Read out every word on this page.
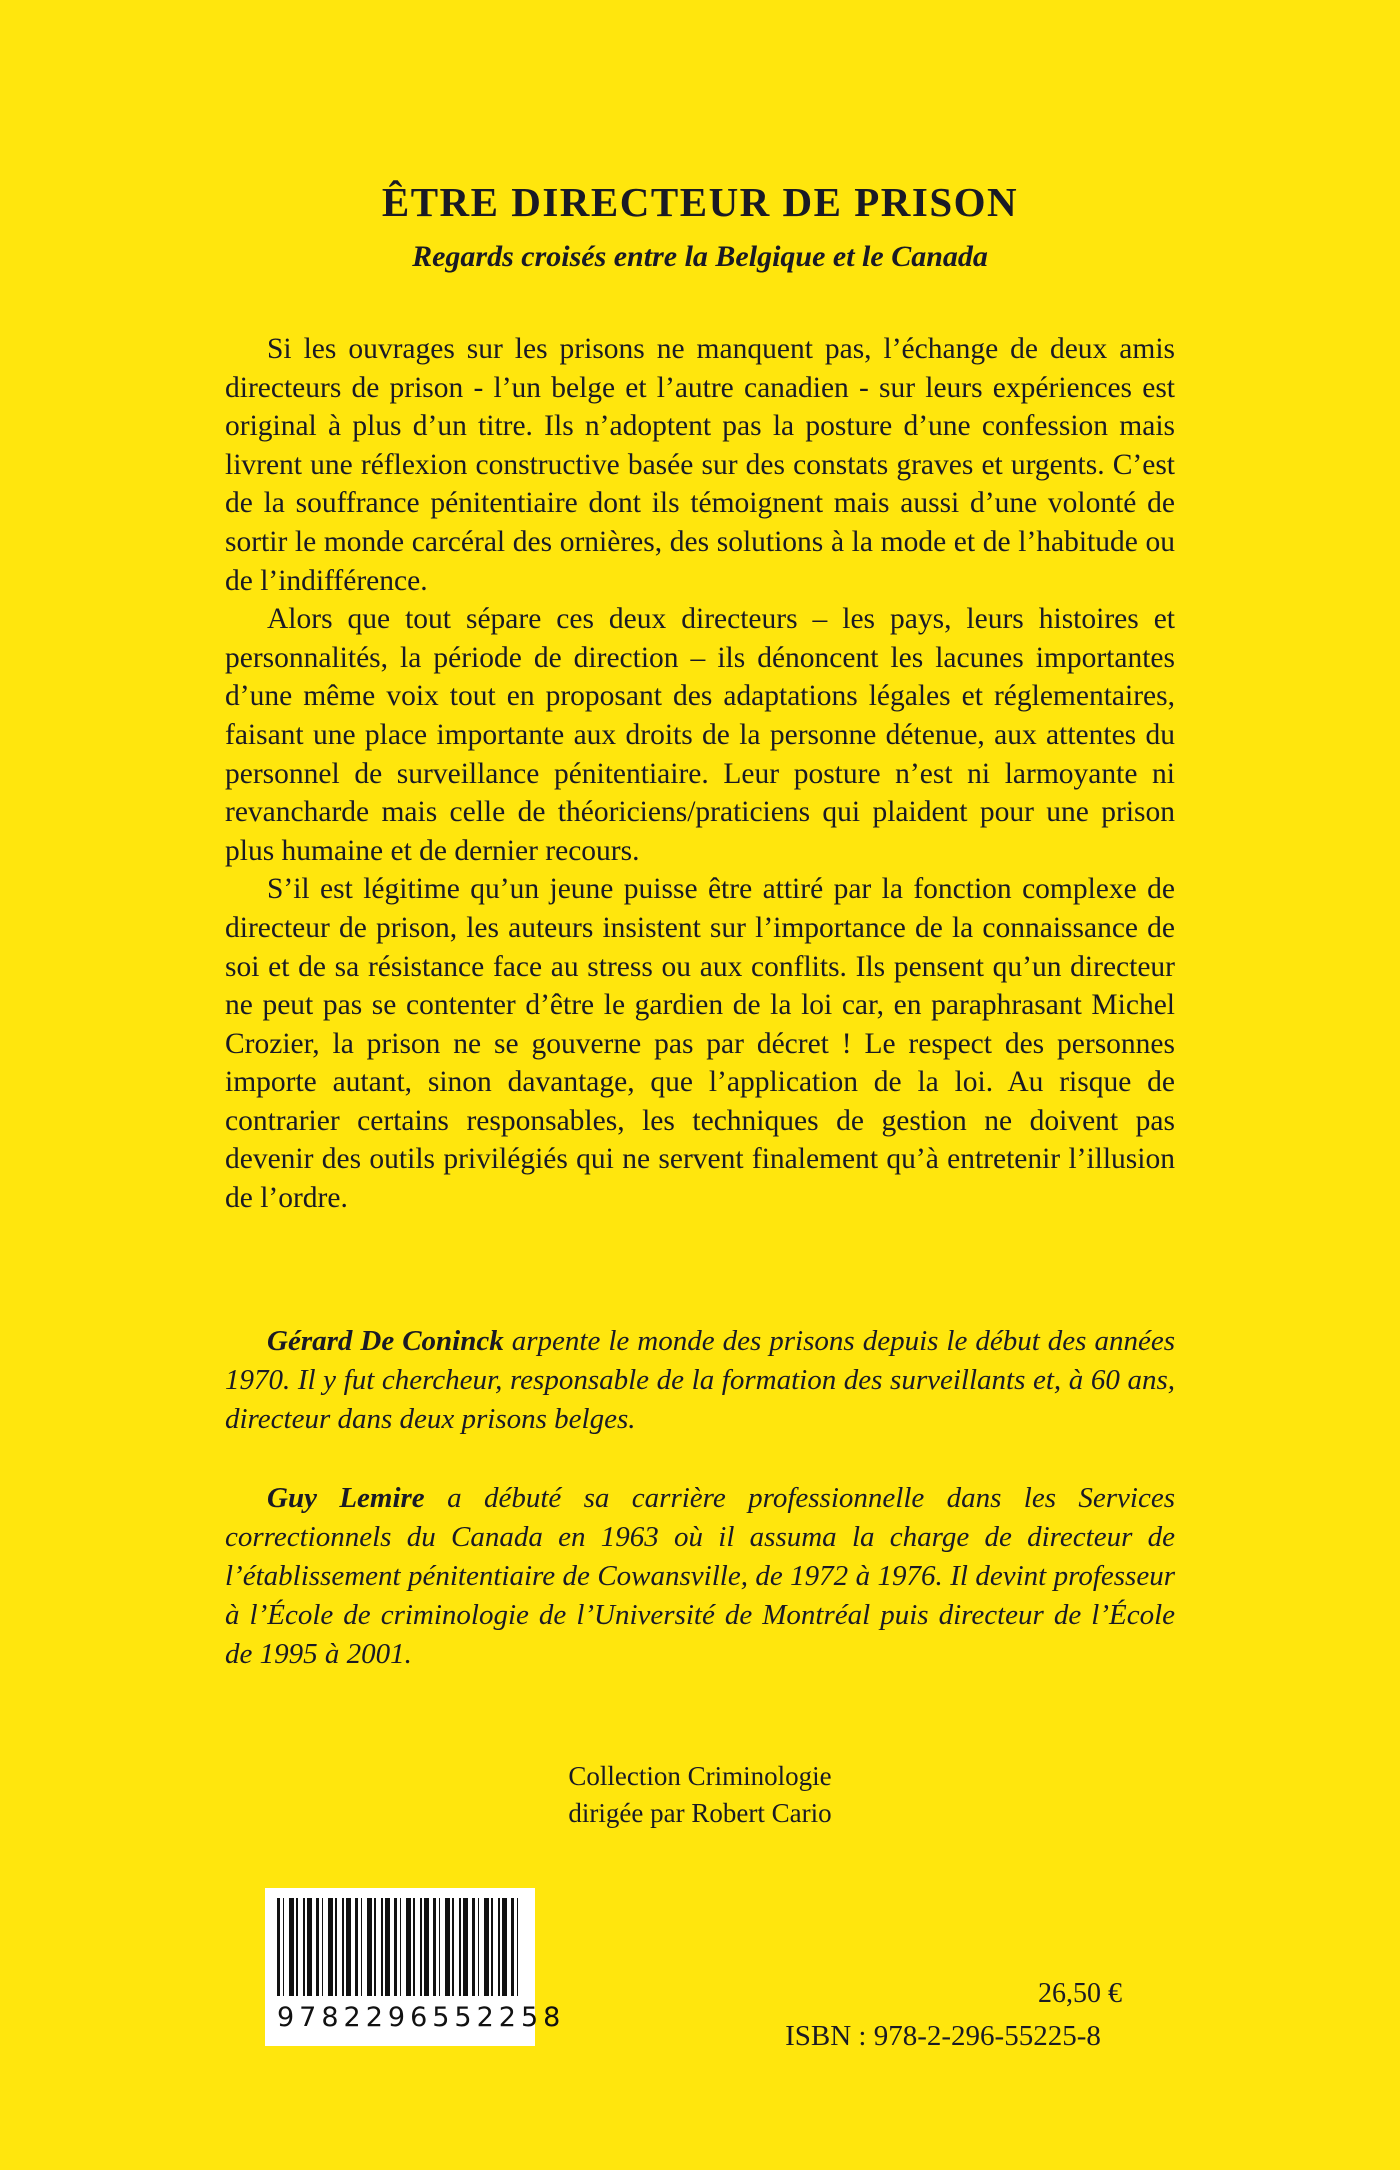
ÊTRE DIRECTEUR DE PRISON
Regards croisés entre la Belgique et le Canada

Si les ouvrages sur les prisons ne manquent pas, l’échange de deux amis directeurs de prison - l’un belge et l’autre canadien - sur leurs expériences est original à plus d’un titre. Ils n’adoptent pas la posture d’une confession mais livrent une réflexion constructive basée sur des constats graves et urgents. C’est de la souffrance pénitentiaire dont ils témoignent mais aussi d’une volonté de sortir le monde carcéral des ornières, des solutions à la mode et de l’habitude ou de l’indifférence.

Alors que tout sépare ces deux directeurs – les pays, leurs histoires et personnalités, la période de direction – ils dénoncent les lacunes importantes d’une même voix tout en proposant des adaptations légales et réglementaires, faisant une place importante aux droits de la personne détenue, aux attentes du personnel de surveillance pénitentiaire. Leur posture n’est ni larmoyante ni revancharde mais celle de théoriciens/praticiens qui plaident pour une prison plus humaine et de dernier recours.

S’il est légitime qu’un jeune puisse être attiré par la fonction complexe de directeur de prison, les auteurs insistent sur l’importance de la connaissance de soi et de sa résistance face au stress ou aux conflits. Ils pensent qu’un directeur ne peut pas se contenter d’être le gardien de la loi car, en paraphrasant Michel Crozier, la prison ne se gouverne pas par décret ! Le respect des personnes importe autant, sinon davantage, que l’application de la loi. Au risque de contrarier certains responsables, les techniques de gestion ne doivent pas devenir des outils privilégiés qui ne servent finalement qu’à entretenir l’illusion de l’ordre.

Gérard De Coninck arpente le monde des prisons depuis le début des années 1970. Il y fut chercheur, responsable de la formation des surveillants et, à 60 ans, directeur dans deux prisons belges.

Guy Lemire a débuté sa carrière professionnelle dans les Services correctionnels du Canada en 1963 où il assuma la charge de directeur de l’établissement pénitentiaire de Cowansville, de 1972 à 1976. Il devint professeur à l’École de criminologie de l’Université de Montréal puis directeur de l’École de 1995 à 2001.

Collection Criminologie
dirigée par Robert Cario
9782296552258
26,50 €
ISBN : 978-2-296-55225-8
